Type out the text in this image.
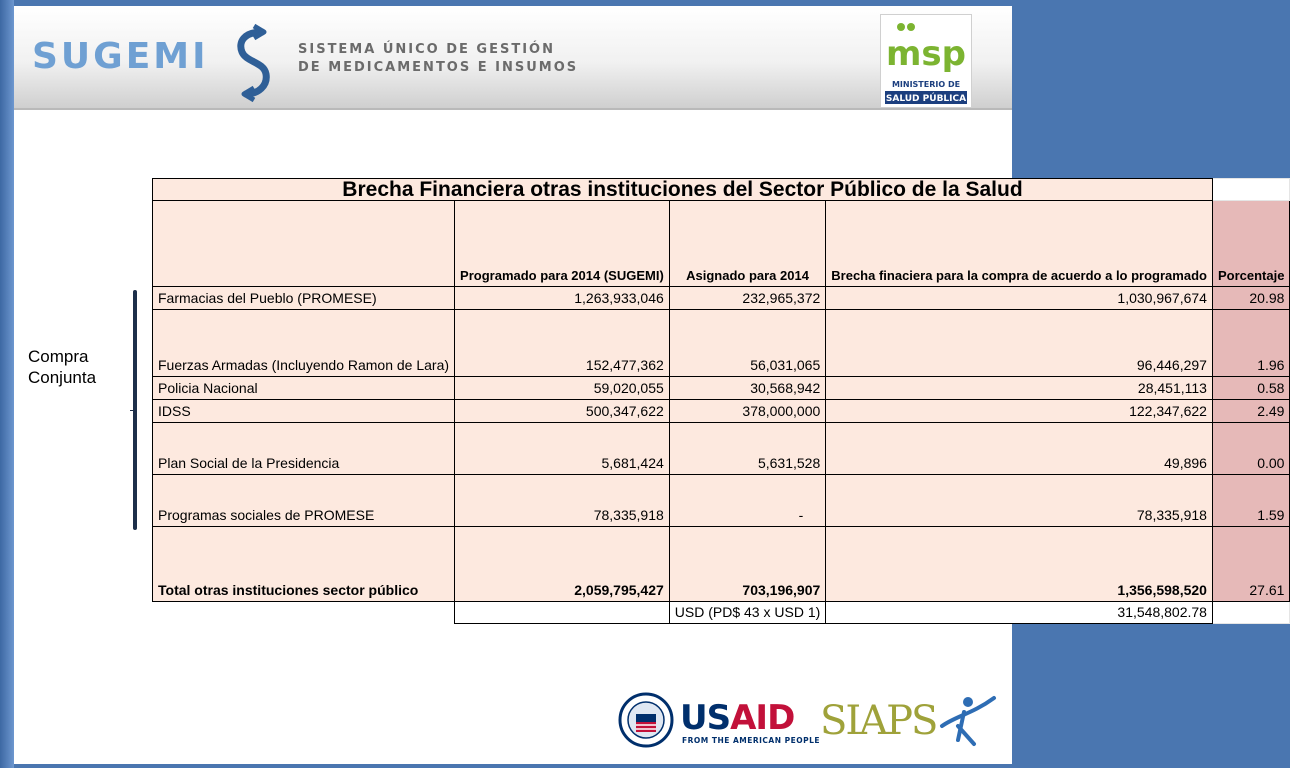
SUGEMI	SISTEMA ÚNICO DE GESTIÓN
DE MEDICAMENTOS E INSUMOS	msp
MINISTERIO DE
SALUD PÚBLICA
Compra
Conjunta
Brecha Financiera otras instituciones del Sector Público de la Salud				
	Programado para 2014 (SUGEMI)	Asignado para 2014	Brecha finaciera para la compra de acuerdo a lo programado	Porcentaje
Farmacias del Pueblo (PROMESE)	1,263,933,046	232,965,372	1,030,967,674	20.98
Fuerzas Armadas (Incluyendo Ramon de Lara)	152,477,362	56,031,065	96,446,297	1.96
Policia Nacional	59,020,055	30,568,942	28,451,113	0.58
IDSS	500,347,622	378,000,000	122,347,622	2.49
Plan Social de la Presidencia	5,681,424	5,631,528	49,896	0.00
Programas sociales de PROMESE	78,335,918	-	78,335,918	1.59
Total otras instituciones sector público	2,059,795,427	703,196,907	1,356,598,520	27.61
		USD (PD$ 43 x USD 1)	31,548,802.78	
USAID
FROM THE AMERICAN PEOPLE SIAPS
